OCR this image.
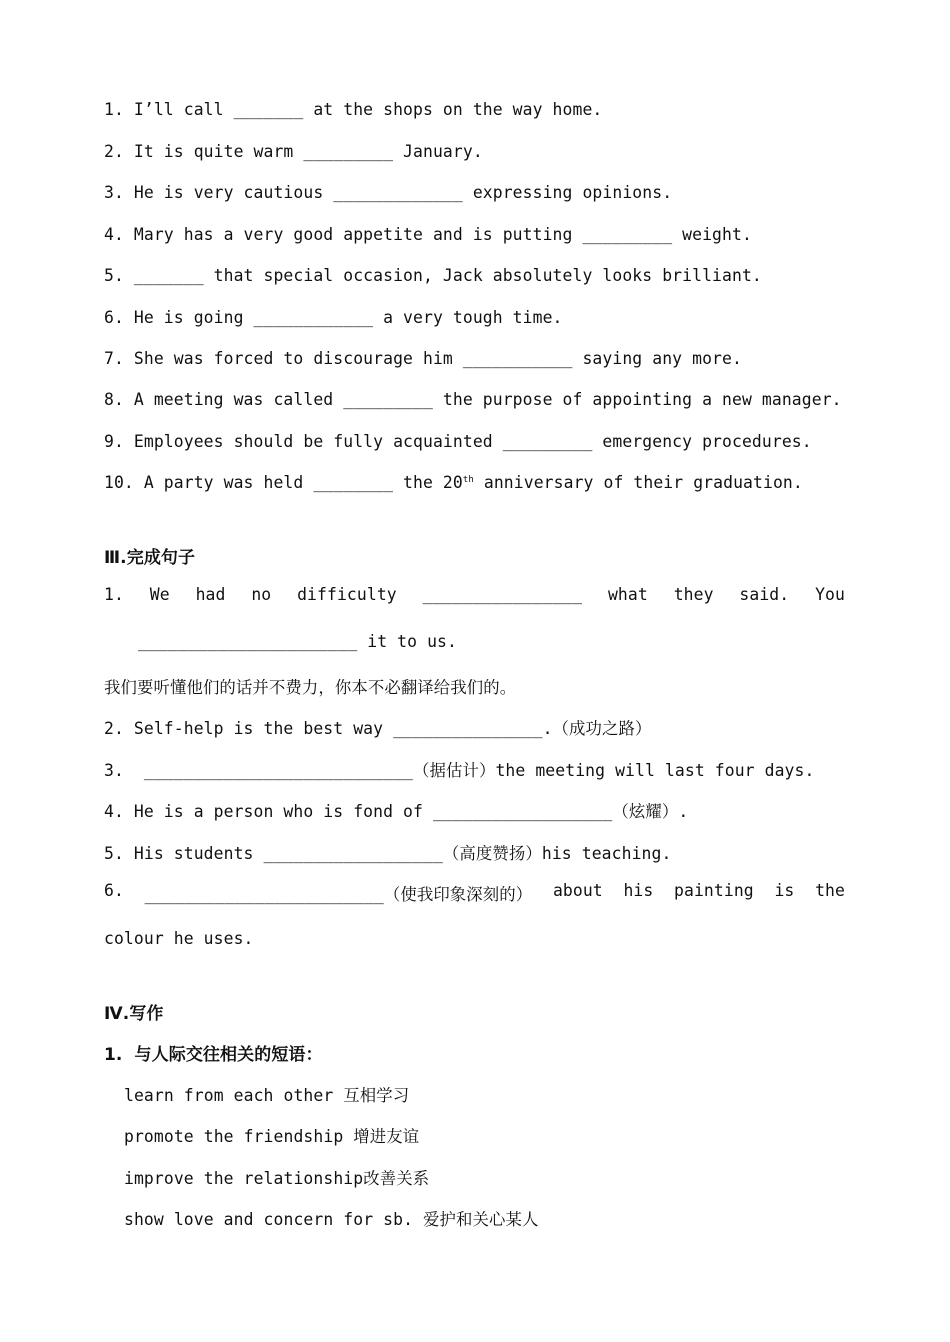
1. I’ll call _______ at the shops on the way home.
2. It is quite warm _________ January.
3. He is very cautious _____________ expressing opinions.
4. Mary has a very good appetite and is putting _________ weight.
5. _______ that special occasion, Jack absolutely looks brilliant.
6. He is going ____________ a very tough time.
7. She was forced to discourage him ___________ saying any more.
8. A meeting was called _________ the purpose of appointing a new manager.
9. Employees should be fully acquainted _________ emergency procedures.
10. A party was held ________ the 20th anniversary of their graduation.
Ⅲ.完成句子
1. We had no difficulty ________________ what they said. You
______________________ it to us.
我们要听懂他们的话并不费力，你本不必翻译给我们的。
2. Self-help is the best way _______________.（成功之路）
3.  ___________________________（据估计）the meeting will last four days.
4. He is a person who is fond of __________________（炫耀）.
5. His students __________________（高度赞扬）his teaching.
6. ________________________（使我印象深刻的） about his painting is the
colour he uses.
Ⅳ.写作
1.  与人际交往相关的短语：
learn from each other 互相学习
promote the friendship 增进友谊
improve the relationship改善关系
show love and concern for sb. 爱护和关心某人
